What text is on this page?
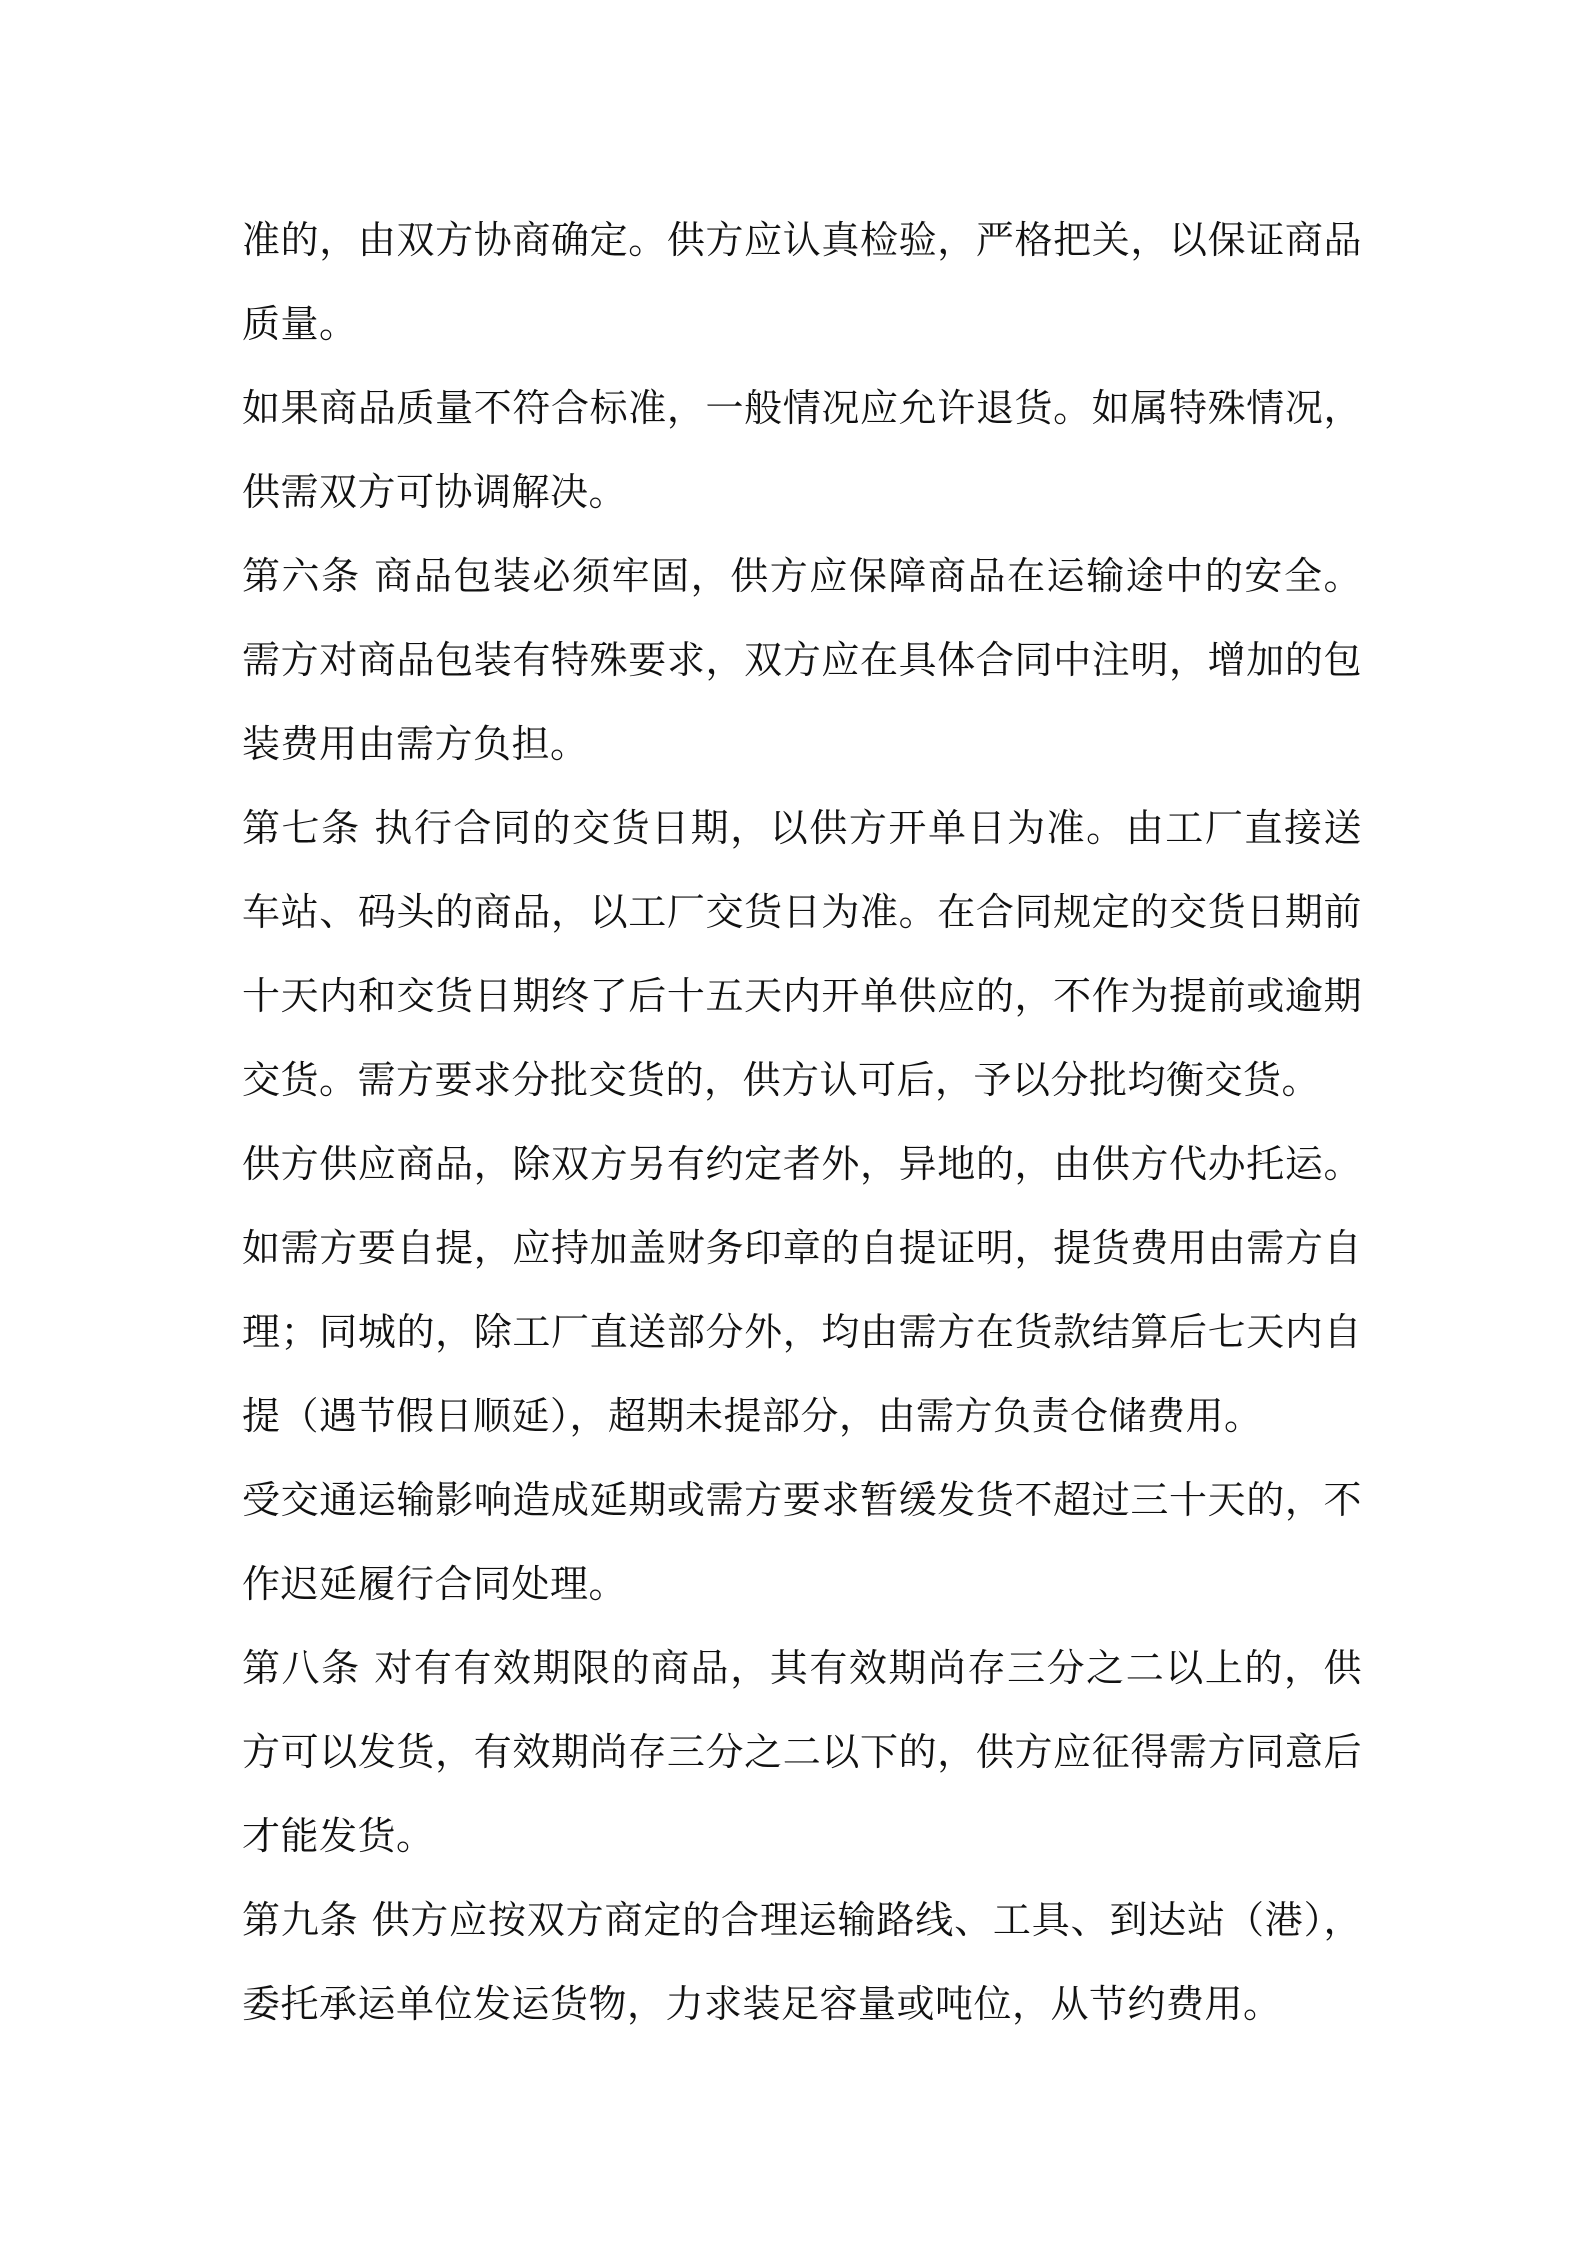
准的，由双方协商确定。供方应认真检验，严格把关，以保证商品质量。

如果商品质量不符合标准，一般情况应允许退货。如属特殊情况，供需双方可协调解决。

第六条 商品包装必须牢固，供方应保障商品在运输途中的安全。需方对商品包装有特殊要求，双方应在具体合同中注明，增加的包装费用由需方负担。

第七条 执行合同的交货日期，以供方开单日为准。由工厂直接送车站、码头的商品，以工厂交货日为准。在合同规定的交货日期前十天内和交货日期终了后十五天内开单供应的，不作为提前或逾期交货。需方要求分批交货的，供方认可后，予以分批均衡交货。

供方供应商品，除双方另有约定者外，异地的，由供方代办托运。如需方要自提，应持加盖财务印章的自提证明，提货费用由需方自理；同城的，除工厂直送部分外，均由需方在货款结算后七天内自提（遇节假日顺延），超期未提部分，由需方负责仓储费用。

受交通运输影响造成延期或需方要求暂缓发货不超过三十天的，不作迟延履行合同处理。

第八条 对有有效期限的商品，其有效期尚存三分之二以上的，供方可以发货，有效期尚存三分之二以下的，供方应征得需方同意后才能发货。

第九条 供方应按双方商定的合理运输路线、工具、到达站（港），委托承运单位发运货物，力求装足容量或吨位，从节约费用。
